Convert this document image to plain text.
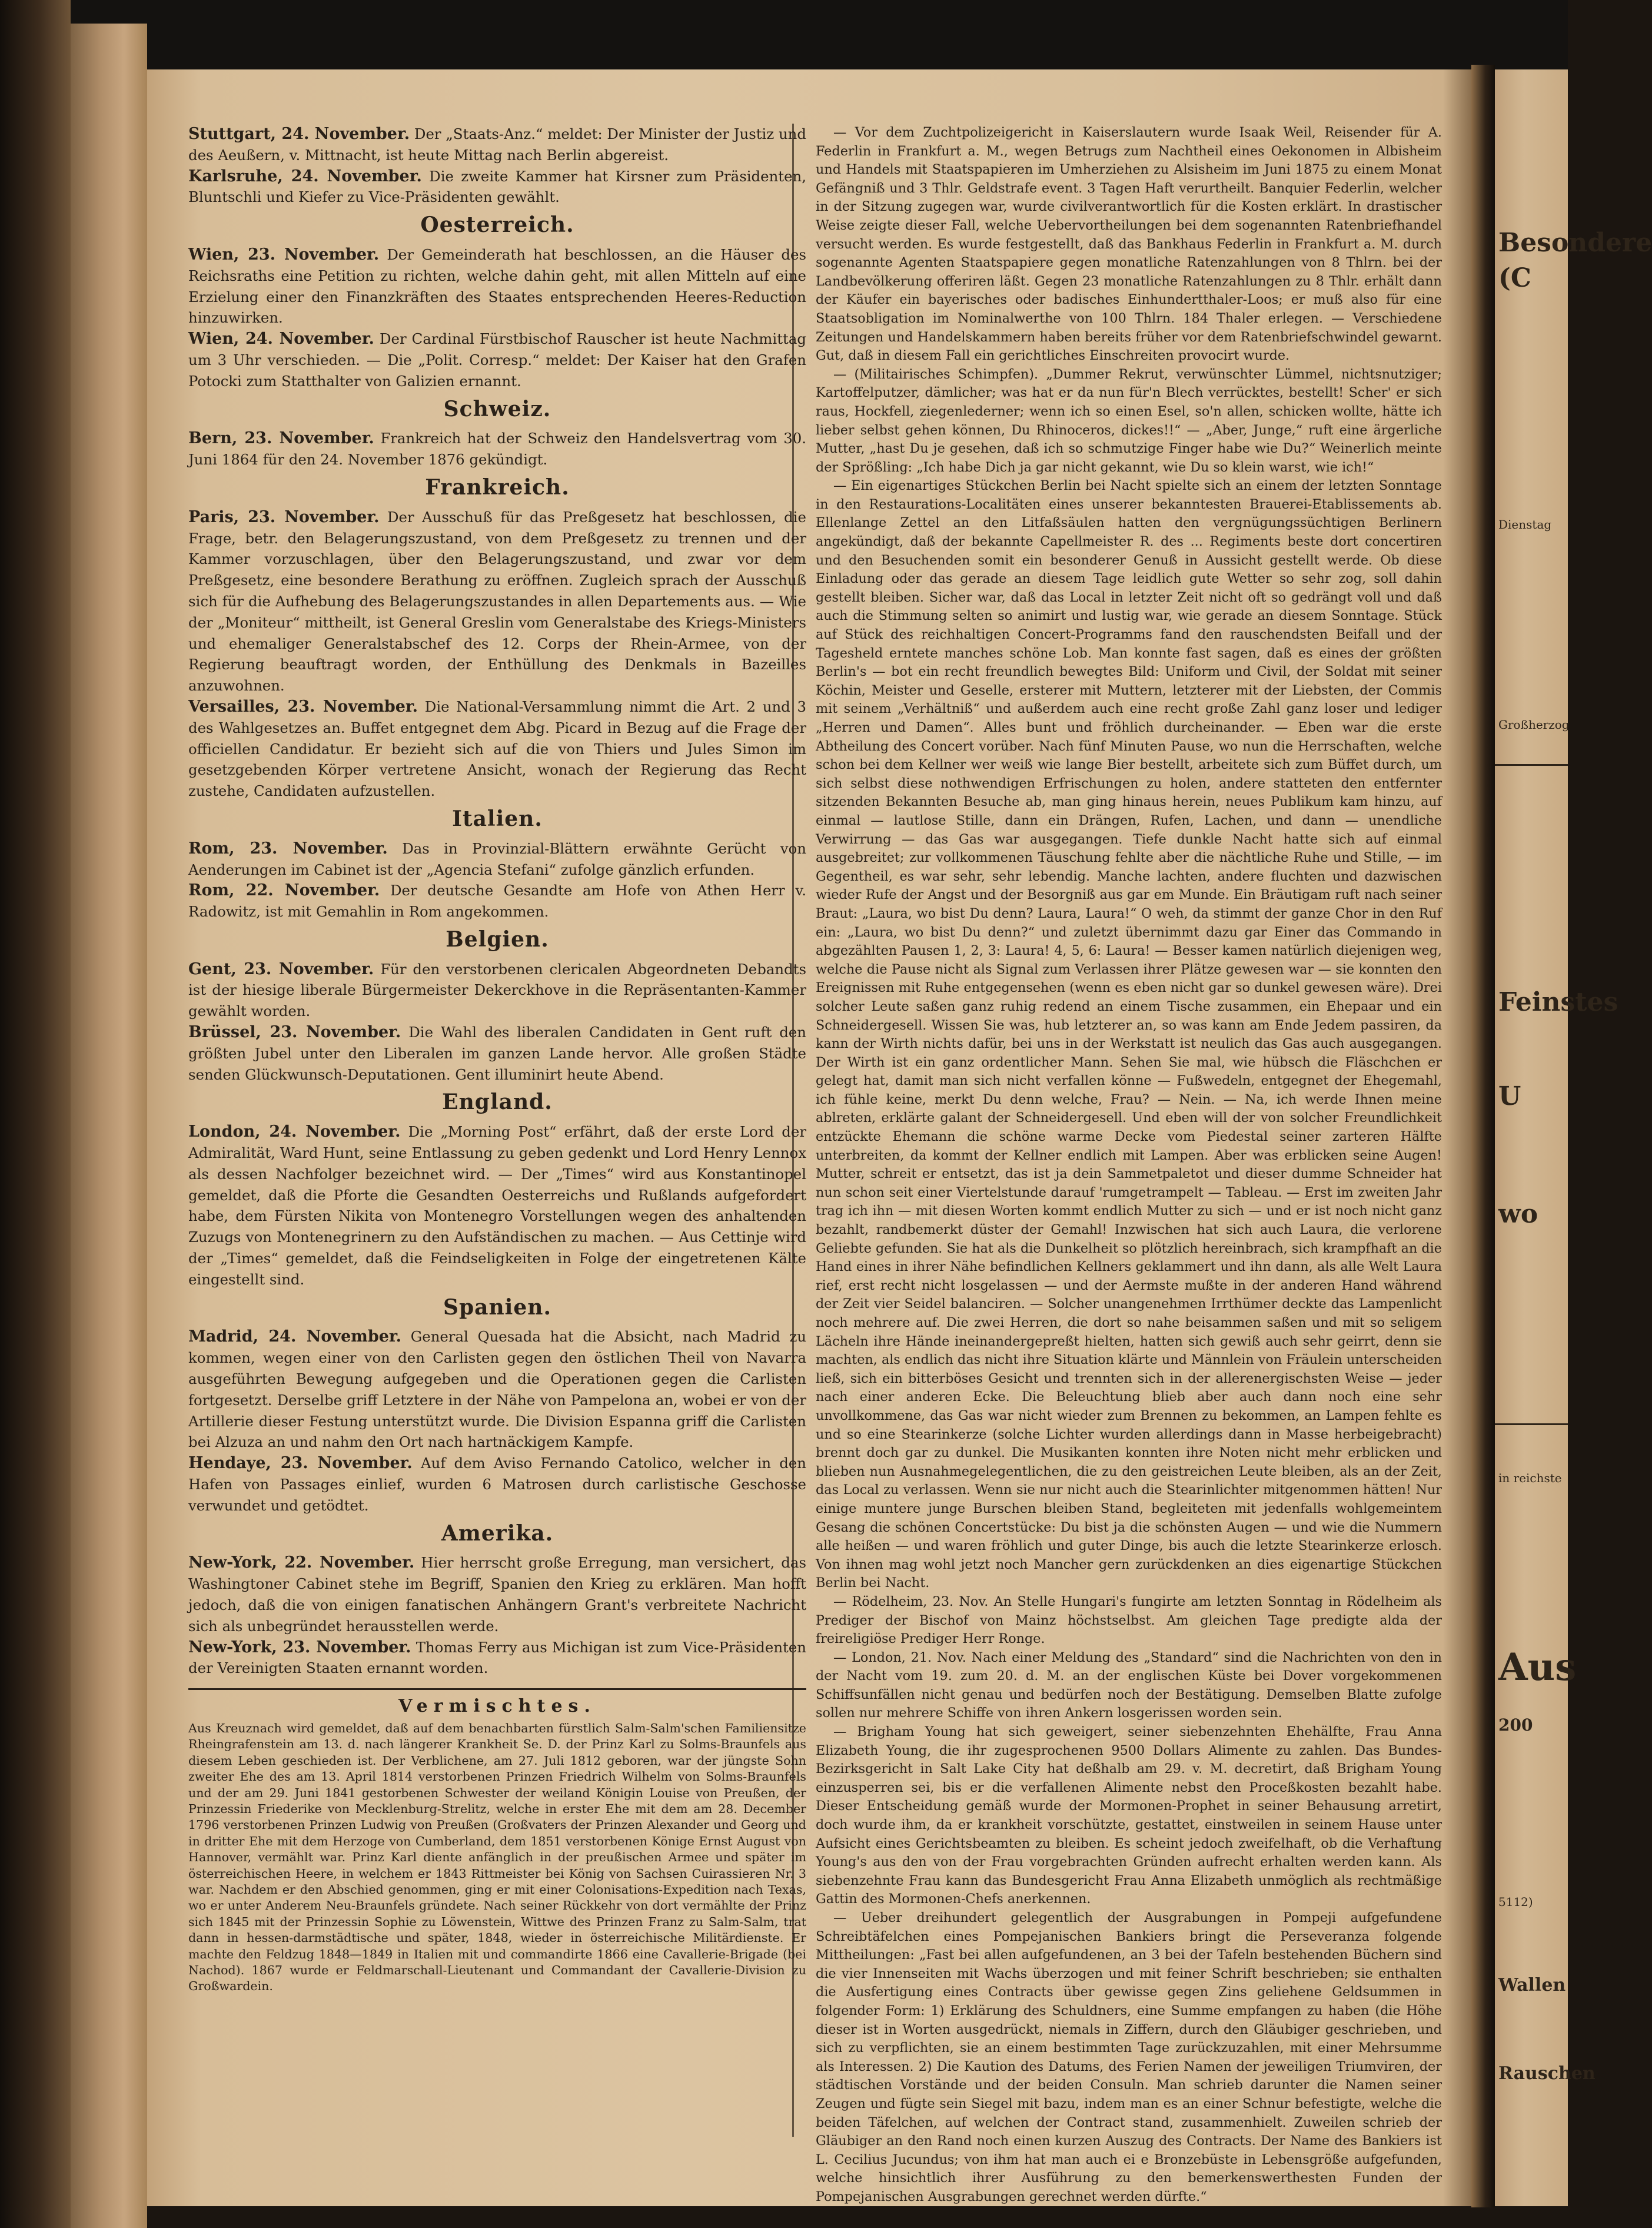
Besondere
(C
Dienstag
Großherzog
Feinstes
U
wo
in reichste
Aus
200
5112)
Wallen
Rauschen

Stuttgart, 24. November. Der „Staats-Anz.“ meldet: Der Minister der Justiz und des Aeußern, v. Mittnacht, ist heute Mittag nach Berlin abgereist.

Karlsruhe, 24. November. Die zweite Kammer hat Kirsner zum Präsidenten, Bluntschli und Kiefer zu Vice-Präsidenten gewählt.

Oesterreich.

Wien, 23. November. Der Gemeinderath hat beschlossen, an die Häuser des Reichsraths eine Petition zu richten, welche dahin geht, mit allen Mitteln auf eine Erzielung einer den Finanzkräften des Staates entsprechenden Heeres-Reduction hinzuwirken.

Wien, 24. November. Der Cardinal Fürstbischof Rauscher ist heute Nachmittag um 3 Uhr verschieden. — Die „Polit. Corresp.“ meldet: Der Kaiser hat den Grafen Potocki zum Statthalter von Galizien ernannt.

Schweiz.

Bern, 23. November. Frankreich hat der Schweiz den Handelsvertrag vom 30. Juni 1864 für den 24. November 1876 gekündigt.

Frankreich.

Paris, 23. November. Der Ausschuß für das Preßgesetz hat beschlossen, die Frage, betr. den Belagerungszustand, von dem Preßgesetz zu trennen und der Kammer vorzuschlagen, über den Belagerungszustand, und zwar vor dem Preßgesetz, eine besondere Berathung zu eröffnen. Zugleich sprach der Ausschuß sich für die Aufhebung des Belagerungszustandes in allen Departements aus. — Wie der „Moniteur“ mittheilt, ist General Greslin vom Generalstabe des Kriegs-Ministers und ehemaliger Generalstabschef des 12. Corps der Rhein-Armee, von der Regierung beauftragt worden, der Enthüllung des Denkmals in Bazeilles anzuwohnen.

Versailles, 23. November. Die National-Versammlung nimmt die Art. 2 und 3 des Wahlgesetzes an. Buffet entgegnet dem Abg. Picard in Bezug auf die Frage der officiellen Candidatur. Er bezieht sich auf die von Thiers und Jules Simon im gesetzgebenden Körper vertretene Ansicht, wonach der Regierung das Recht zustehe, Candidaten aufzustellen.

Italien.

Rom, 23. November. Das in Provinzial-Blättern erwähnte Gerücht von Aenderungen im Cabinet ist der „Agencia Stefani“ zufolge gänzlich erfunden.

Rom, 22. November. Der deutsche Gesandte am Hofe von Athen Herr v. Radowitz, ist mit Gemahlin in Rom angekommen.

Belgien.

Gent, 23. November. Für den verstorbenen clericalen Abgeordneten Debandts ist der hiesige liberale Bürgermeister Dekerckhove in die Repräsentanten-Kammer gewählt worden.

Brüssel, 23. November. Die Wahl des liberalen Candidaten in Gent ruft den größten Jubel unter den Liberalen im ganzen Lande hervor. Alle großen Städte senden Glückwunsch-Deputationen. Gent illuminirt heute Abend.

England.

London, 24. November. Die „Morning Post“ erfährt, daß der erste Lord der Admiralität, Ward Hunt, seine Entlassung zu geben gedenkt und Lord Henry Lennox als dessen Nachfolger bezeichnet wird. — Der „Times“ wird aus Konstantinopel gemeldet, daß die Pforte die Gesandten Oesterreichs und Rußlands aufgefordert habe, dem Fürsten Nikita von Montenegro Vorstellungen wegen des anhaltenden Zuzugs von Montenegrinern zu den Aufständischen zu machen. — Aus Cettinje wird der „Times“ gemeldet, daß die Feindseligkeiten in Folge der eingetretenen Kälte eingestellt sind.

Spanien.

Madrid, 24. November. General Quesada hat die Absicht, nach Madrid zu kommen, wegen einer von den Carlisten gegen den östlichen Theil von Navarra ausgeführten Bewegung aufgegeben und die Operationen gegen die Carlisten fortgesetzt. Derselbe griff Letztere in der Nähe von Pampelona an, wobei er von der Artillerie dieser Festung unterstützt wurde. Die Division Espanna griff die Carlisten bei Alzuza an und nahm den Ort nach hartnäckigem Kampfe.

Hendaye, 23. November. Auf dem Aviso Fernando Catolico, welcher in den Hafen von Passages einlief, wurden 6 Matrosen durch carlistische Geschosse verwundet und getödtet.

Amerika.

New-York, 22. November. Hier herrscht große Erregung, man versichert, das Washingtoner Cabinet stehe im Begriff, Spanien den Krieg zu erklären. Man hofft jedoch, daß die von einigen fanatischen Anhängern Grant's verbreitete Nachricht sich als unbegründet herausstellen werde.

New-York, 23. November. Thomas Ferry aus Michigan ist zum Vice-Präsidenten der Vereinigten Staaten ernannt worden.

Vermischtes.

Aus Kreuznach wird gemeldet, daß auf dem benachbarten fürstlich Salm-Salm'schen Familiensitze Rheingrafenstein am 13. d. nach längerer Krankheit Se. D. der Prinz Karl zu Solms-Braunfels aus diesem Leben geschieden ist. Der Verblichene, am 27. Juli 1812 geboren, war der jüngste Sohn zweiter Ehe des am 13. April 1814 verstorbenen Prinzen Friedrich Wilhelm von Solms-Braunfels und der am 29. Juni 1841 gestorbenen Schwester der weiland Königin Louise von Preußen, der Prinzessin Friederike von Mecklenburg-Strelitz, welche in erster Ehe mit dem am 28. December 1796 verstorbenen Prinzen Ludwig von Preußen (Großvaters der Prinzen Alexander und Georg und in dritter Ehe mit dem Herzoge von Cumberland, dem 1851 verstorbenen Könige Ernst August von Hannover, vermählt war. Prinz Karl diente anfänglich in der preußischen Armee und später im österreichischen Heere, in welchem er 1843 Rittmeister bei König von Sachsen Cuirassieren Nr. 3 war. Nachdem er den Abschied genommen, ging er mit einer Colonisations-Expedition nach Texas, wo er unter Anderem Neu-Braunfels gründete. Nach seiner Rückkehr von dort vermählte der Prinz sich 1845 mit der Prinzessin Sophie zu Löwenstein, Wittwe des Prinzen Franz zu Salm-Salm, trat dann in hessen-darmstädtische und später, 1848, wieder in österreichische Militärdienste. Er machte den Feldzug 1848—1849 in Italien mit und commandirte 1866 eine Cavallerie-Brigade (bei Nachod). 1867 wurde er Feldmarschall-Lieutenant und Commandant der Cavallerie-Division zu Großwardein.

— Vor dem Zuchtpolizeigericht in Kaiserslautern wurde Isaak Weil, Reisender für A. Federlin in Frankfurt a. M., wegen Betrugs zum Nachtheil eines Oekonomen in Albisheim und Handels mit Staatspapieren im Umherziehen zu Alsisheim im Juni 1875 zu einem Monat Gefängniß und 3 Thlr. Geldstrafe event. 3 Tagen Haft verurtheilt. Banquier Federlin, welcher in der Sitzung zugegen war, wurde civilverantwortlich für die Kosten erklärt. In drastischer Weise zeigte dieser Fall, welche Uebervortheilungen bei dem sogenannten Ratenbriefhandel versucht werden. Es wurde festgestellt, daß das Bankhaus Federlin in Frankfurt a. M. durch sogenannte Agenten Staatspapiere gegen monatliche Ratenzahlungen von 8 Thlrn. bei der Landbevölkerung offeriren läßt. Gegen 23 monatliche Ratenzahlungen zu 8 Thlr. erhält dann der Käufer ein bayerisches oder badisches Einhundertthaler-Loos; er muß also für eine Staatsobligation im Nominalwerthe von 100 Thlrn. 184 Thaler erlegen. — Verschiedene Zeitungen und Handelskammern haben bereits früher vor dem Ratenbriefschwindel gewarnt. Gut, daß in diesem Fall ein gerichtliches Einschreiten provocirt wurde.

— (Militairisches Schimpfen). „Dummer Rekrut, verwünschter Lümmel, nichtsnutziger; Kartoffelputzer, dämlicher; was hat er da nun für'n Blech verrücktes, bestellt! Scher' er sich raus, Hockfell, ziegenlederner; wenn ich so einen Esel, so'n allen, schicken wollte, hätte ich lieber selbst gehen können, Du Rhinoceros, dickes!!“ — „Aber, Junge,“ ruft eine ärgerliche Mutter, „hast Du je gesehen, daß ich so schmutzige Finger habe wie Du?“ Weinerlich meinte der Sprößling: „Ich habe Dich ja gar nicht gekannt, wie Du so klein warst, wie ich!“

— Ein eigenartiges Stückchen Berlin bei Nacht spielte sich an einem der letzten Sonntage in den Restaurations-Localitäten eines unserer bekanntesten Brauerei-Etablissements ab. Ellenlange Zettel an den Litfaßsäulen hatten den vergnügungssüchtigen Berlinern angekündigt, daß der bekannte Capellmeister R. des ... Regiments beste dort concertiren und den Besuchenden somit ein besonderer Genuß in Aussicht gestellt werde. Ob diese Einladung oder das gerade an diesem Tage leidlich gute Wetter so sehr zog, soll dahin gestellt bleiben. Sicher war, daß das Local in letzter Zeit nicht oft so gedrängt voll und daß auch die Stimmung selten so animirt und lustig war, wie gerade an diesem Sonntage. Stück auf Stück des reichhaltigen Concert-Programms fand den rauschendsten Beifall und der Tagesheld erntete manches schöne Lob. Man konnte fast sagen, daß es eines der größten Berlin's — bot ein recht freundlich bewegtes Bild: Uniform und Civil, der Soldat mit seiner Köchin, Meister und Geselle, ersterer mit Muttern, letzterer mit der Liebsten, der Commis mit seinem „Verhältniß“ und außerdem auch eine recht große Zahl ganz loser und lediger „Herren und Damen“. Alles bunt und fröhlich durcheinander. — Eben war die erste Abtheilung des Concert vorüber. Nach fünf Minuten Pause, wo nun die Herrschaften, welche schon bei dem Kellner wer weiß wie lange Bier bestellt, arbeitete sich zum Büffet durch, um sich selbst diese nothwendigen Erfrischungen zu holen, andere statteten den entfernter sitzenden Bekannten Besuche ab, man ging hinaus herein, neues Publikum kam hinzu, auf einmal — lautlose Stille, dann ein Drängen, Rufen, Lachen, und dann — unendliche Verwirrung — das Gas war ausgegangen. Tiefe dunkle Nacht hatte sich auf einmal ausgebreitet; zur vollkommenen Täuschung fehlte aber die nächtliche Ruhe und Stille, — im Gegentheil, es war sehr, sehr lebendig. Manche lachten, andere fluchten und dazwischen wieder Rufe der Angst und der Besorgniß aus gar em Munde. Ein Bräutigam ruft nach seiner Braut: „Laura, wo bist Du denn? Laura, Laura!“ O weh, da stimmt der ganze Chor in den Ruf ein: „Laura, wo bist Du denn?“ und zuletzt übernimmt dazu gar Einer das Commando in abgezählten Pausen 1, 2, 3: Laura! 4, 5, 6: Laura! — Besser kamen natürlich diejenigen weg, welche die Pause nicht als Signal zum Verlassen ihrer Plätze gewesen war — sie konnten den Ereignissen mit Ruhe entgegensehen (wenn es eben nicht gar so dunkel gewesen wäre). Drei solcher Leute saßen ganz ruhig redend an einem Tische zusammen, ein Ehepaar und ein Schneidergesell. Wissen Sie was, hub letzterer an, so was kann am Ende Jedem passiren, da kann der Wirth nichts dafür, bei uns in der Werkstatt ist neulich das Gas auch ausgegangen. Der Wirth ist ein ganz ordentlicher Mann. Sehen Sie mal, wie hübsch die Fläschchen er gelegt hat, damit man sich nicht verfallen könne — Fußwedeln, entgegnet der Ehegemahl, ich fühle keine, merkt Du denn welche, Frau? — Nein. — Na, ich werde Ihnen meine ablreten, erklärte galant der Schneidergesell. Und eben will der von solcher Freundlichkeit entzückte Ehemann die schöne warme Decke vom Piedestal seiner zarteren Hälfte unterbreiten, da kommt der Kellner endlich mit Lampen. Aber was erblicken seine Augen! Mutter, schreit er entsetzt, das ist ja dein Sammetpaletot und dieser dumme Schneider hat nun schon seit einer Viertelstunde darauf 'rumgetrampelt — Tableau. — Erst im zweiten Jahr trag ich ihn — mit diesen Worten kommt endlich Mutter zu sich — und er ist noch nicht ganz bezahlt, randbemerkt düster der Gemahl! Inzwischen hat sich auch Laura, die verlorene Geliebte gefunden. Sie hat als die Dunkelheit so plötzlich hereinbrach, sich krampfhaft an die Hand eines in ihrer Nähe befindlichen Kellners geklammert und ihn dann, als alle Welt Laura rief, erst recht nicht losgelassen — und der Aermste mußte in der anderen Hand während der Zeit vier Seidel balanciren. — Solcher unangenehmen Irrthümer deckte das Lampenlicht noch mehrere auf. Die zwei Herren, die dort so nahe beisammen saßen und mit so seligem Lächeln ihre Hände ineinandergepreßt hielten, hatten sich gewiß auch sehr geirrt, denn sie machten, als endlich das nicht ihre Situation klärte und Männlein von Fräulein unterscheiden ließ, sich ein bitterböses Gesicht und trennten sich in der allerenergischsten Weise — jeder nach einer anderen Ecke. Die Beleuchtung blieb aber auch dann noch eine sehr unvollkommene, das Gas war nicht wieder zum Brennen zu bekommen, an Lampen fehlte es und so eine Stearinkerze (solche Lichter wurden allerdings dann in Masse herbeigebracht) brennt doch gar zu dunkel. Die Musikanten konnten ihre Noten nicht mehr erblicken und blieben nun Ausnahmegelegentlichen, die zu den geistreichen Leute bleiben, als an der Zeit, das Local zu verlassen. Wenn sie nur nicht auch die Stearinlichter mitgenommen hätten! Nur einige muntere junge Burschen bleiben Stand, begleiteten mit jedenfalls wohlgemeintem Gesang die schönen Concertstücke: Du bist ja die schönsten Augen — und wie die Nummern alle heißen — und waren fröhlich und guter Dinge, bis auch die letzte Stearinkerze erlosch. Von ihnen mag wohl jetzt noch Mancher gern zurückdenken an dies eigenartige Stückchen Berlin bei Nacht.

— Rödelheim, 23. Nov. An Stelle Hungari's fungirte am letzten Sonntag in Rödelheim als Prediger der Bischof von Mainz höchstselbst. Am gleichen Tage predigte alda der freireligiöse Prediger Herr Ronge.

— London, 21. Nov. Nach einer Meldung des „Standard“ sind die Nachrichten von den in der Nacht vom 19. zum 20. d. M. an der englischen Küste bei Dover vorgekommenen Schiffsunfällen nicht genau und bedürfen noch der Bestätigung. Demselben Blatte zufolge sollen nur mehrere Schiffe von ihren Ankern losgerissen worden sein.

— Brigham Young hat sich geweigert, seiner siebenzehnten Ehehälfte, Frau Anna Elizabeth Young, die ihr zugesprochenen 9500 Dollars Alimente zu zahlen. Das Bundes-Bezirksgericht in Salt Lake City hat deßhalb am 29. v. M. decretirt, daß Brigham Young einzusperren sei, bis er die verfallenen Alimente nebst den Proceßkosten bezahlt habe. Dieser Entscheidung gemäß wurde der Mormonen-Prophet in seiner Behausung arretirt, doch wurde ihm, da er krankheit vorschützte, gestattet, einstweilen in seinem Hause unter Aufsicht eines Gerichtsbeamten zu bleiben. Es scheint jedoch zweifelhaft, ob die Verhaftung Young's aus den von der Frau vorgebrachten Gründen aufrecht erhalten werden kann. Als siebenzehnte Frau kann das Bundesgericht Frau Anna Elizabeth unmöglich als rechtmäßige Gattin des Mormonen-Chefs anerkennen.

— Ueber dreihundert gelegentlich der Ausgrabungen in Pompeji aufgefundene Schreibtäfelchen eines Pompejanischen Bankiers bringt die Perseveranza folgende Mittheilungen: „Fast bei allen aufgefundenen, an 3 bei der Tafeln bestehenden Büchern sind die vier Innenseiten mit Wachs überzogen und mit feiner Schrift beschrieben; sie enthalten die Ausfertigung eines Contracts über gewisse gegen Zins geliehene Geldsummen in folgender Form: 1) Erklärung des Schuldners, eine Summe empfangen zu haben (die Höhe dieser ist in Worten ausgedrückt, niemals in Ziffern, durch den Gläubiger geschrieben, und sich zu verpflichten, sie an einem bestimmten Tage zurückzuzahlen, mit einer Mehrsumme als Interessen. 2) Die Kaution des Datums, des Ferien Namen der jeweiligen Triumviren, der städtischen Vorstände und der beiden Consuln. Man schrieb darunter die Namen seiner Zeugen und fügte sein Siegel mit bazu, indem man es an einer Schnur befestigte, welche die beiden Täfelchen, auf welchen der Contract stand, zusammenhielt. Zuweilen schrieb der Gläubiger an den Rand noch einen kurzen Auszug des Contracts. Der Name des Bankiers ist L. Cecilius Jucundus; von ihm hat man auch ei e Bronzebüste in Lebensgröße aufgefunden, welche hinsichtlich ihrer Ausführung zu den bemerkenswerthesten Funden der Pompejanischen Ausgrabungen gerechnet werden dürfte.“
